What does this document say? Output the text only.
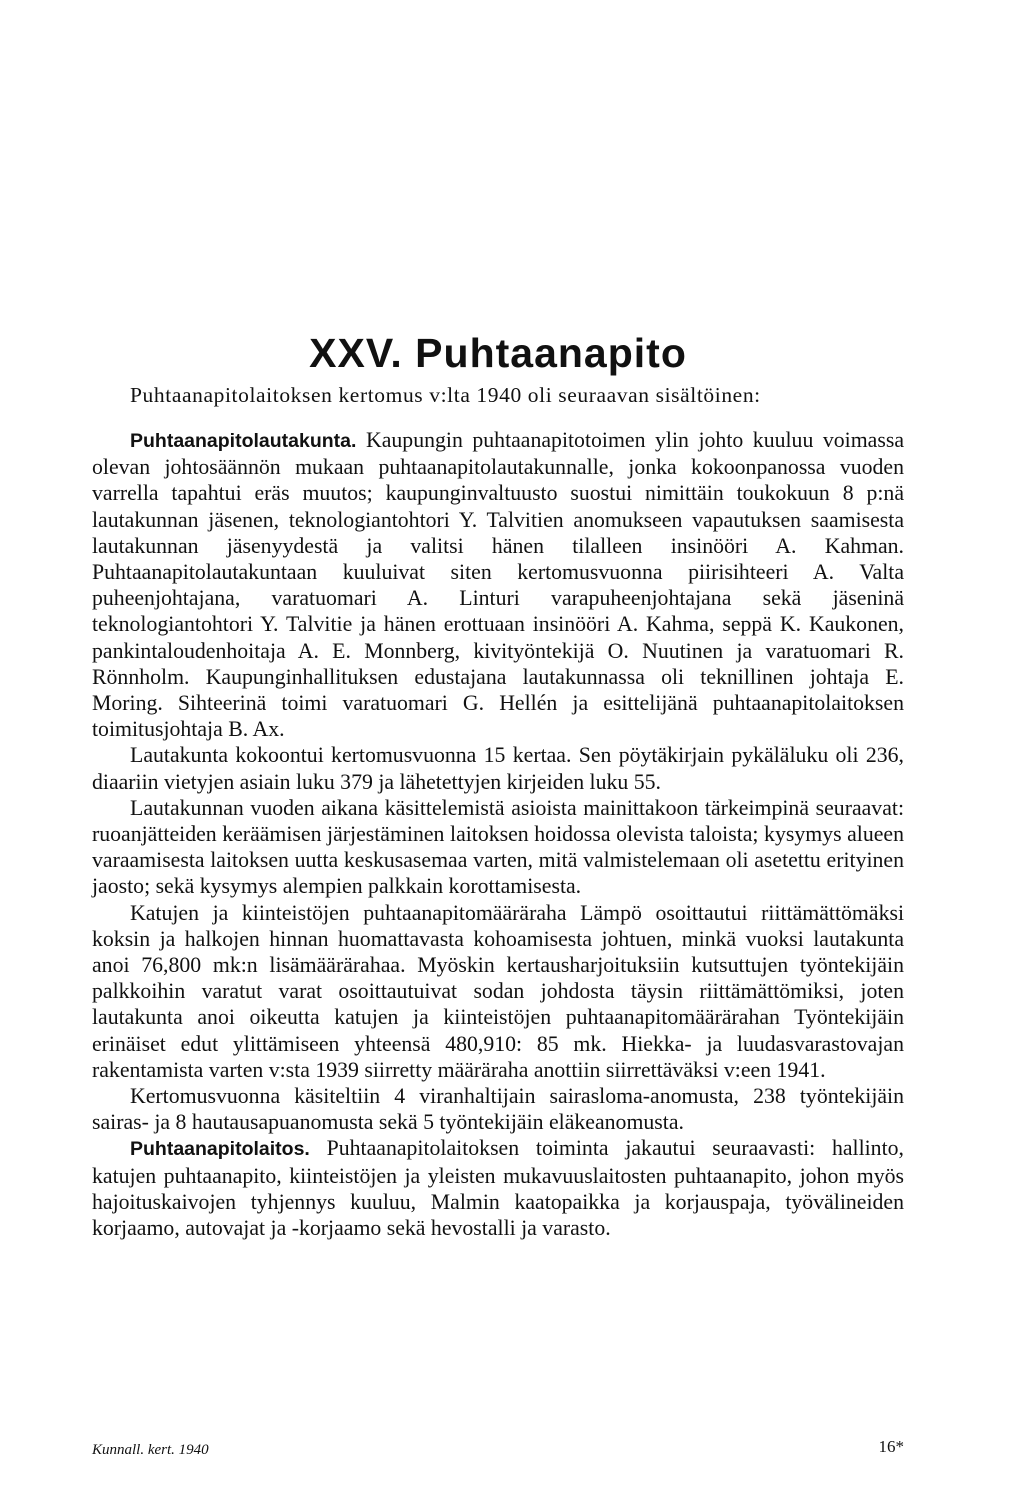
XXV. Puhtaanapito
Puhtaanapitolaitoksen kertomus v:lta 1940 oli seuraavan sisältöinen:

Puhtaanapitolautakunta. Kaupungin puhtaanapitotoimen ylin johto kuuluu voimassa olevan johtosäännön mukaan puhtaanapitolautakunnalle, jonka kokoonpanossa vuoden varrella tapahtui eräs muutos; kaupunginvaltuusto suostui nimittäin toukokuun 8 p:nä lautakunnan jäsenen, teknologiantohtori Y. Talvitien anomukseen vapautuksen saamisesta lautakunnan jäsenyydestä ja valitsi hänen tilalleen insinööri A. Kahman. Puhtaanapitolautakuntaan kuuluivat siten kertomusvuonna piirisihteeri A. Valta puheenjohtajana, varatuomari A. Linturi varapuheenjohtajana sekä jäseninä teknologiantohtori Y. Talvitie ja hänen erottuaan insinööri A. Kahma, seppä K. Kaukonen, pankintaloudenhoitaja A. E. Monnberg, kivityöntekijä O. Nuutinen ja varatuomari R. Rönnholm. Kaupunginhallituksen edustajana lautakunnassa oli teknillinen johtaja E. Moring. Sihteerinä toimi varatuomari G. Hellén ja esittelijänä puhtaanapitolaitoksen toimitusjohtaja B. Ax.

Lautakunta kokoontui kertomusvuonna 15 kertaa. Sen pöytäkirjain pykäläluku oli 236, diaariin vietyjen asiain luku 379 ja lähetettyjen kirjeiden luku 55.

Lautakunnan vuoden aikana käsittelemistä asioista mainittakoon tärkeimpinä seuraavat: ruoanjätteiden keräämisen järjestäminen laitoksen hoidossa olevista taloista; kysymys alueen varaamisesta laitoksen uutta keskusasemaa varten, mitä valmistelemaan oli asetettu erityinen jaosto; sekä kysymys alempien palkkain korottamisesta.

Katujen ja kiinteistöjen puhtaanapitomääräraha Lämpö osoittautui riittämättömäksi koksin ja halkojen hinnan huomattavasta kohoamisesta johtuen, minkä vuoksi lautakunta anoi 76,800 mk:n lisämäärärahaa. Myöskin kertausharjoituksiin kutsuttujen työntekijäin palkkoihin varatut varat osoittautuivat sodan johdosta täysin riittämättömiksi, joten lautakunta anoi oikeutta katujen ja kiinteistöjen puhtaanapitomäärärahan Työntekijäin erinäiset edut ylittämiseen yhteensä 480,910: 85 mk. Hiekka- ja luudasvarastovajan rakentamista varten v:sta 1939 siirretty määräraha anottiin siirrettäväksi v:een 1941.

Kertomusvuonna käsiteltiin 4 viranhaltijain sairasloma-anomusta, 238 työntekijäin sairas- ja 8 hautausapuanomusta sekä 5 työntekijäin eläkeanomusta.

Puhtaanapitolaitos. Puhtaanapitolaitoksen toiminta jakautui seuraavasti: hallinto, katujen puhtaanapito, kiinteistöjen ja yleisten mukavuuslaitosten puhtaanapito, johon myös hajoituskaivojen tyhjennys kuuluu, Malmin kaatopaikka ja korjauspaja, työvälineiden korjaamo, autovajat ja -korjaamo sekä hevostalli ja varasto.

Kunnall. kert. 1940	16*
